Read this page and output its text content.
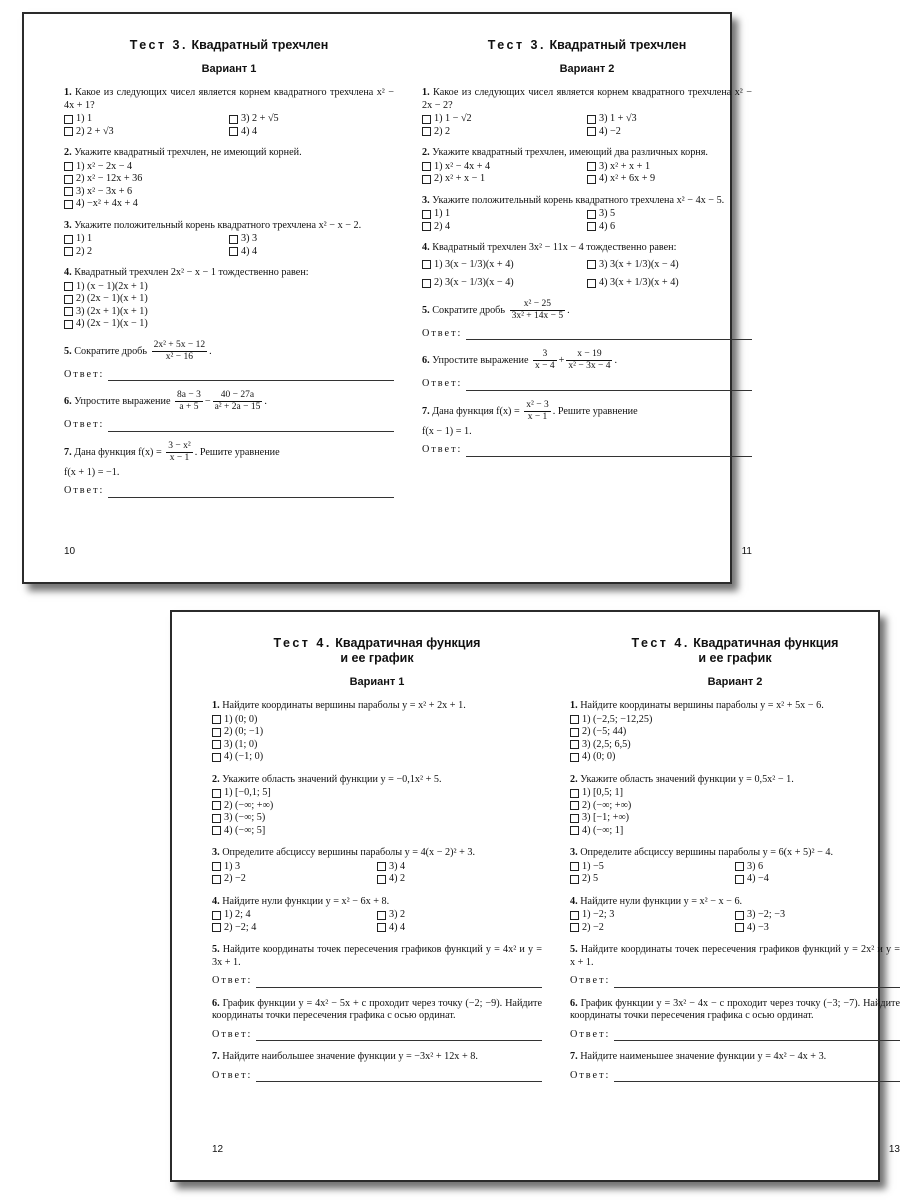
Тест 3. Квадратный трехчлен
Вариант 1
1. Какое из следующих чисел является корнем квадратного трехчлена x² − 4x + 1?
1) 1	3) 2 + √5
2) 2 + √3	4) 4
2. Укажите квадратный трехчлен, не имеющий корней.
1) x² − 2x − 4
2) x² − 12x + 36
3) x² − 3x + 6
4) −x² + 4x + 4
3. Укажите положительный корень квадратного трехчлена x² − x − 2.
1) 1	3) 3
2) 2	4) 4
4. Квадратный трехчлен 2x² − x − 1 тождественно равен:
1) (x − 1)(2x + 1)
2) (2x − 1)(x + 1)
3) (2x + 1)(x + 1)
4) (2x − 1)(x − 1)
5. Сократите дробь $\frac{\text{2x² + 5x − 12}}{\text{x² − 16}}$ .
Ответ:
6. Упростите выражение $\frac{8a - 3}{a + 5} - \frac{40 - 27a}{\text{a² + 2a − 15}}$ .
Ответ:
7. Дана функция $f(x) = \frac{\text{3 − x²}}{x - 1}$ . Решите уравнение
f(x + 1) = −1.
Ответ:
10
Тест 3. Квадратный трехчлен
Вариант 2
1. Какое из следующих чисел является корнем квадратного трехчлена x² − 2x − 2?
1) 1 − √2	3) 1 + √3
2) 2	4) −2
2. Укажите квадратный трехчлен, имеющий два различных корня.
1) x² − 4x + 4	3) x² + x + 1
2) x² + x − 1	4) x² + 6x + 9
3. Укажите положительный корень квадратного трехчлена x² − 4x − 5.
1) 1	3) 5
2) 4	4) 6
4. Квадратный трехчлен 3x² − 11x − 4 тождественно равен:
1) 3(x − 1/3)(x + 4)	3) 3(x + 1/3)(x − 4)
2) 3(x − 1/3)(x − 4)	4) 3(x + 1/3)(x + 4)
5. Сократите дробь $\frac{\text{x² − 25}}{\text{3x² + 14x − 5}}$ .
Ответ:
6. Упростите выражение $\frac{3}{x - 4} + \frac{x - 19}{\text{x² − 3x − 4}}$ .
Ответ:
7. Дана функция $f(x) = \frac{\text{x² − 3}}{x - 1}$ . Решите уравнение
f(x − 1) = 1.
Ответ:
11
Тест 4. Квадратичная функция
и ее график
Вариант 1
1. Найдите координаты вершины параболы y = x² + 2x + 1.
1) (0; 0)
2) (0; −1)
3) (1; 0)
4) (−1; 0)
2. Укажите область значений функции y = −0,1x² + 5.
1) [−0,1; 5]
2) (−∞; +∞)
3) (−∞; 5)
4) (−∞; 5]
3. Определите абсциссу вершины параболы y = 4(x − 2)² + 3.
1) 3	3) 4
2) −2	4) 2
4. Найдите нули функции y = x² − 6x + 8.
1) 2; 4	3) 2
2) −2; 4	4) 4
5. Найдите координаты точек пересечения графиков функций y = 4x² и y = 3x + 1.
Ответ:
6. График функции y = 4x² − 5x + c проходит через точку (−2; −9). Найдите координаты точки пересечения графика с осью ординат.
Ответ:
7. Найдите наибольшее значение функции y = −3x² + 12x + 8.
Ответ:
12
Тест 4. Квадратичная функция
и ее график
Вариант 2
1. Найдите координаты вершины параболы y = x² + 5x − 6.
1) (−2,5; −12,25)
2) (−5; 44)
3) (2,5; 6,5)
4) (0; 0)
2. Укажите область значений функции y = 0,5x² − 1.
1) [0,5; 1]
2) (−∞; +∞)
3) [−1; +∞)
4) (−∞; 1]
3. Определите абсциссу вершины параболы y = 6(x + 5)² − 4.
1) −5	3) 6
2) 5	4) −4
4. Найдите нули функции y = x² − x − 6.
1) −2; 3	3) −2; −3
2) −2	4) −3
5. Найдите координаты точек пересечения графиков функций y = 2x² и y = x + 1.
Ответ:
6. График функции y = 3x² − 4x − c проходит через точку (−3; −7). Найдите координаты точки пересечения графика с осью ординат.
Ответ:
7. Найдите наименьшее значение функции y = 4x² − 4x + 3.
Ответ:
13
